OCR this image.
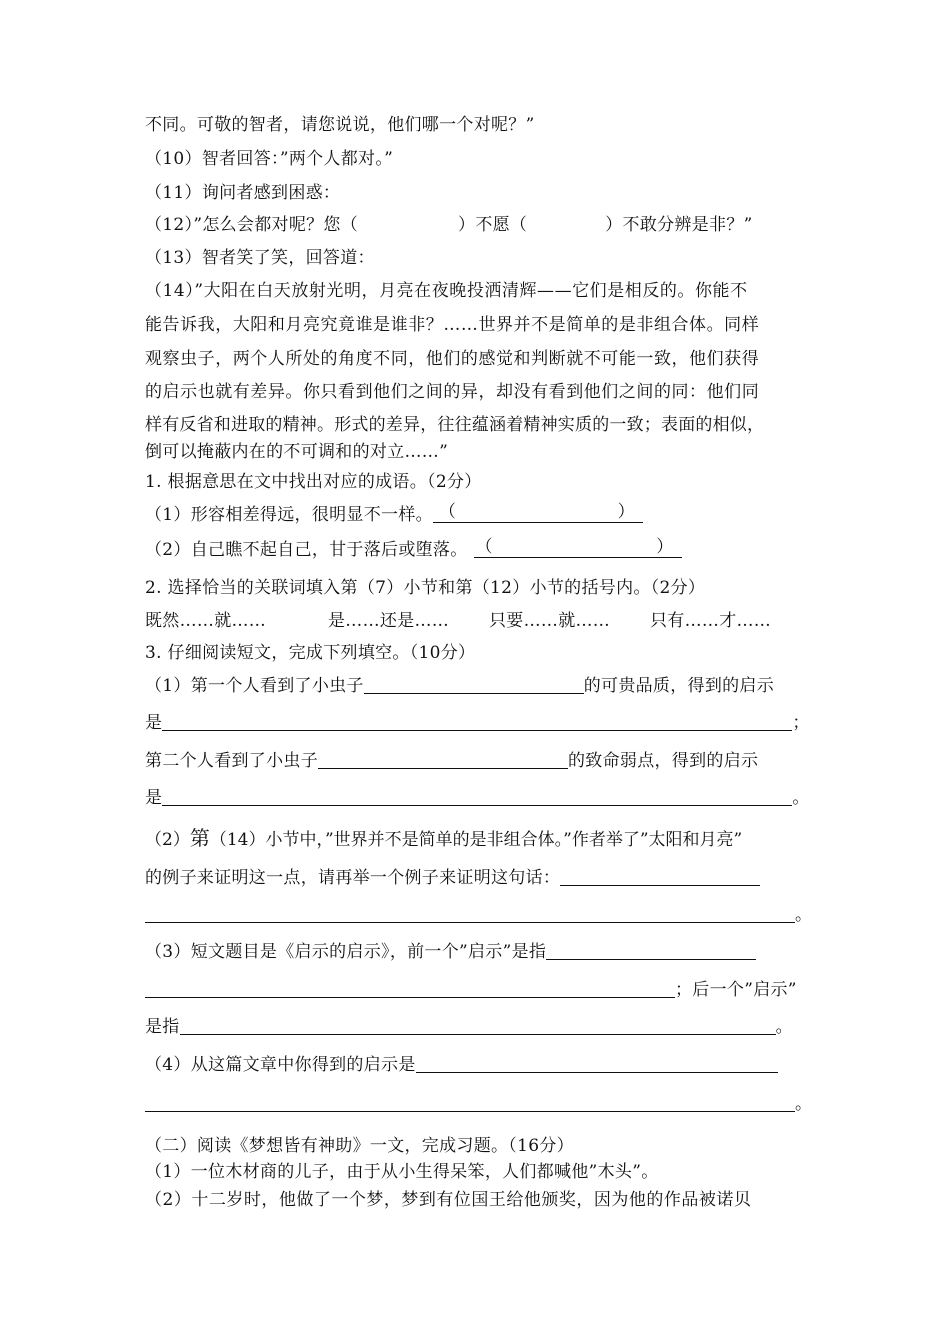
不同。可敬的智者，请您说说，他们哪一个对呢？”
（10）智者回答：”两个人都对。”
（11）询问者感到困惑：
（12）”怎么会都对呢？您（	）不愿（	）不敢分辨是非？”
（13）智者笑了笑，回答道：
（14）”大阳在白天放射光明，月亮在夜晚投洒清辉——它们是相反的。你能不
能告诉我，大阳和月亮究竟谁是谁非？……世界并不是简单的是非组合体。同样
观察虫子，两个人所处的角度不同，他们的感觉和判断就不可能一致，他们获得
的启示也就有差异。你只看到他们之间的异，却没有看到他们之间的同：他们同
样有反省和进取的精神。形式的差异，往往蕴涵着精神实质的一致；表面的相似，
倒可以掩蔽内在的不可调和的对立……”
1. 根据意思在文中找出对应的成语。（2分）
（1）形容相差得远，很明显不一样。 （	）
（2）自己瞧不起自己，甘于落后或堕落。 （	）
2. 选择恰当的关联词填入第（7）小节和第（12）小节的括号内。（2分）
既然……就……	是……还是…… 只要……就…… 只有……才……
3. 仔细阅读短文，完成下列填空。（10分）
（1）第一个人看到了小虫子	的可贵品质，得到的启示
是	；
第二个人看到了小虫子	的致命弱点，得到的启示
是	。
（2）第（14）小节中，”世界并不是简单的是非组合体。”作者举了”太阳和月亮”
的例子来证明这一点，请再举一个例子来证明这句话：
。
（3）短文题目是《启示的启示》，前一个”启示”是指
；后一个”启示”
是指	。
（4）从这篇文章中你得到的启示是
。
（二）阅读《梦想皆有神助》一文，完成习题。（16分）
（1）一位木材商的儿子，由于从小生得呆笨，人们都喊他”木头”。
（2）十二岁时，他做了一个梦，梦到有位国王给他颁奖，因为他的作品被诺贝
